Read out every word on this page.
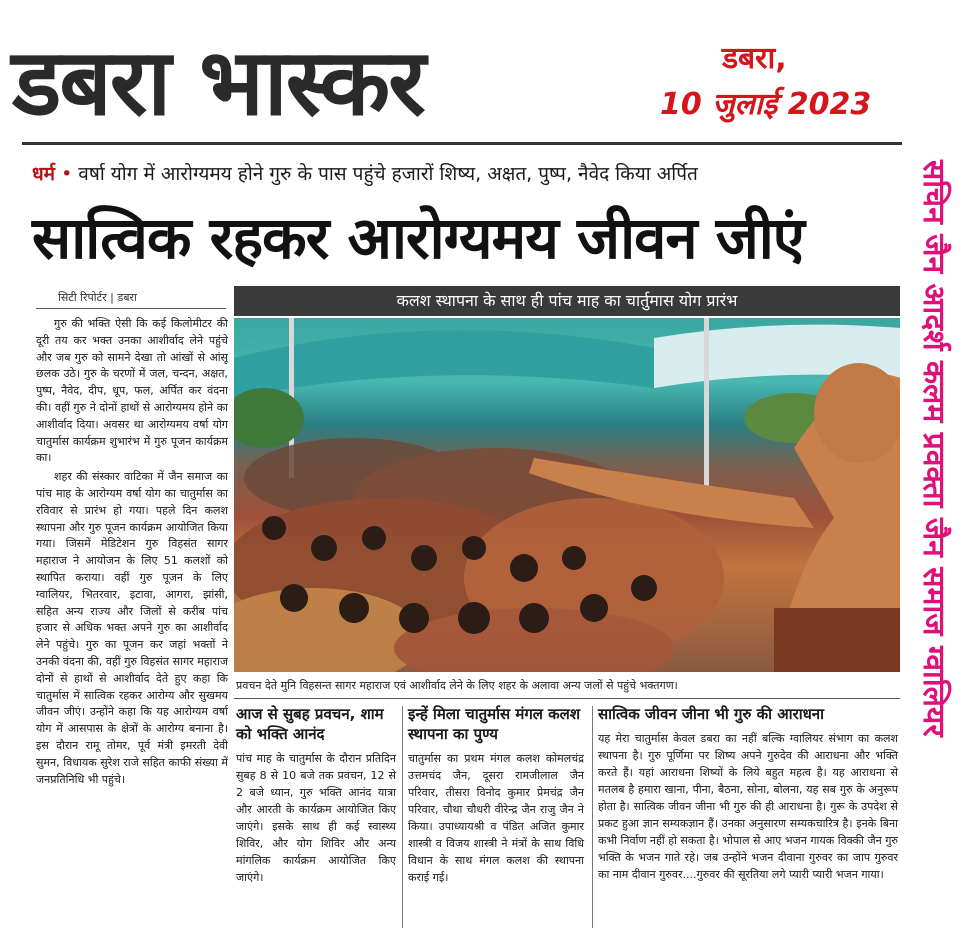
डबरा भास्कर	डबरा,
10 जुलाई 2023
धर्म • वर्षा योग में आरोग्यमय होने गुरु के पास पहुंचे हजारों शिष्य, अक्षत, पुष्प, नैवेद किया अर्पित
सात्विक रहकर आरोग्यमय जीवन जीएं
सिटी रिपोर्टर | डबरा

गुरु की भक्ति ऐसी कि कई किलोमीटर की दूरी तय कर भक्त उनका आशीर्वाद लेने पहुंचे और जब गुरु को सामने देखा तो आंखों से आंसू छलक उठे। गुरु के चरणों में जल, चन्दन, अक्षत, पुष्प, नैवेद, दीप, धूप, फल, अर्पित कर वंदना की। वहीं गुरु ने दोनों हाथों से आरोग्यमय होने का आशीर्वाद दिया। अवसर था आरोग्यमय वर्षा योग चातुर्मास कार्यक्रम शुभारंभ में गुरु पूजन कार्यक्रम का।

शहर की संस्कार वाटिका में जैन समाज का पांच माह के आरोग्यम वर्षा योग का चातुर्मास का रविवार से प्रारंभ हो गया। पहले दिन कलश स्थापना और गुरु पूजन कार्यक्रम आयोजित किया गया। जिसमें मेडिटेशन गुरु विहसंत सागर महाराज ने आयोजन के लिए 51 कलशों को स्थापित कराया। वहीं गुरु पूजन के लिए ग्वालियर, भितरवार, इटावा, आगरा, झांसी, सहित अन्य राज्य और जिलों से करीब पांच हजार से अधिक भक्त अपने गुरु का आशीर्वाद लेने पहुंचे। गुरु का पूजन कर जहां भक्तों ने उनकी वंदना की, वहीं गुरु विहसंत सागर महाराज दोनों से हाथों से आशीर्वाद देते हुए कहा कि चातुर्मास में सात्विक रहकर आरोग्य और सुखमय जीवन जीएं। उन्होंने कहा कि यह आरोग्यम वर्षा योग में आसपास के क्षेत्रों के आरोग्य बनाना है। इस दौरान रामू तोमर, पूर्व मंत्री इमरती देवी सुमन, विधायक सुरेश राजे सहित काफी संख्या में जनप्रतिनिधि भी पहुंचे।

कलश स्थापना के साथ ही पांच माह का चार्तुमास योग प्रारंभ
प्रवचन देते मुनि विहसन्त सागर महाराज एवं आशीर्वाद लेने के लिए शहर के अलावा अन्य जलों से पहुंचे भक्तगण।
आज से सुबह प्रवचन, शाम को भक्ति आनंद

पांच माह के चातुर्मास के दौरान प्रतिदिन सुबह 8 से 10 बजे तक प्रवचन, 12 से 2 बजे ध्यान, गुरु भक्ति आनंद यात्रा और आरती के कार्यक्रम आयोजित किए जाएंगे। इसके साथ ही कई स्वास्थ्य शिविर, और योग शिविर और अन्य मांगलिक कार्यक्रम आयोजित किए जाएंगे।

इन्हें मिला चातुर्मास मंगल कलश स्थापना का पुण्य

चातुर्मास का प्रथम मंगल कलश कोमलचंद्र उत्तमचंद जैन, दूसरा रामजीलाल जैन परिवार, तीसरा विनोद कुमार प्रेमचंद्र जैन परिवार, चौथा चौधरी वीरेन्द्र जैन राजु जैन ने किया। उपाध्यायश्री व पंडित अजित कुमार शास्त्री व विजय शास्त्री ने मंत्रों के साथ विधि विधान के साथ मंगल कलश की स्थापना कराई गई।

सात्विक जीवन जीना भी गुरु की आराधना

यह मेरा चातुर्मास केवल डबरा का नहीं बल्कि ग्वालियर संभाग का कलश स्थापना है। गुरु पूर्णिमा पर शिष्य अपने गुरुदेव की आराधना और भक्ति करते हैं। यहां आराधना शिष्यों के लिये बहुत महत्व है। यह आराधना से मतलब है हमारा खाना, पीना, बैठना, सोना, बोलना, यह सब गुरु के अनुरूप होता है। सात्विक जीवन जीना भी गुरु की ही आराधना है। गुरू के उपदेश से प्रकट हुआ ज्ञान सम्यकज्ञान हैं। उनका अनुसारण सम्यकचारित्र है। इनके बिना कभी निर्वाण नहीं हो सकता है। भोपाल से आए भजन गायक विक्की जैन गुरु भक्ति के भजन गाते रहे। जब उन्होंने भजन दीवाना गुरुवर का जाप गुरुवर का नाम दीवान गुरुवर....गुरुवर की सूरतिया लगे प्यारी प्यारी भजन गाया।

सचिन जैन आदर्श कलम प्रवक्ता जैन समाज ग्वालियर
